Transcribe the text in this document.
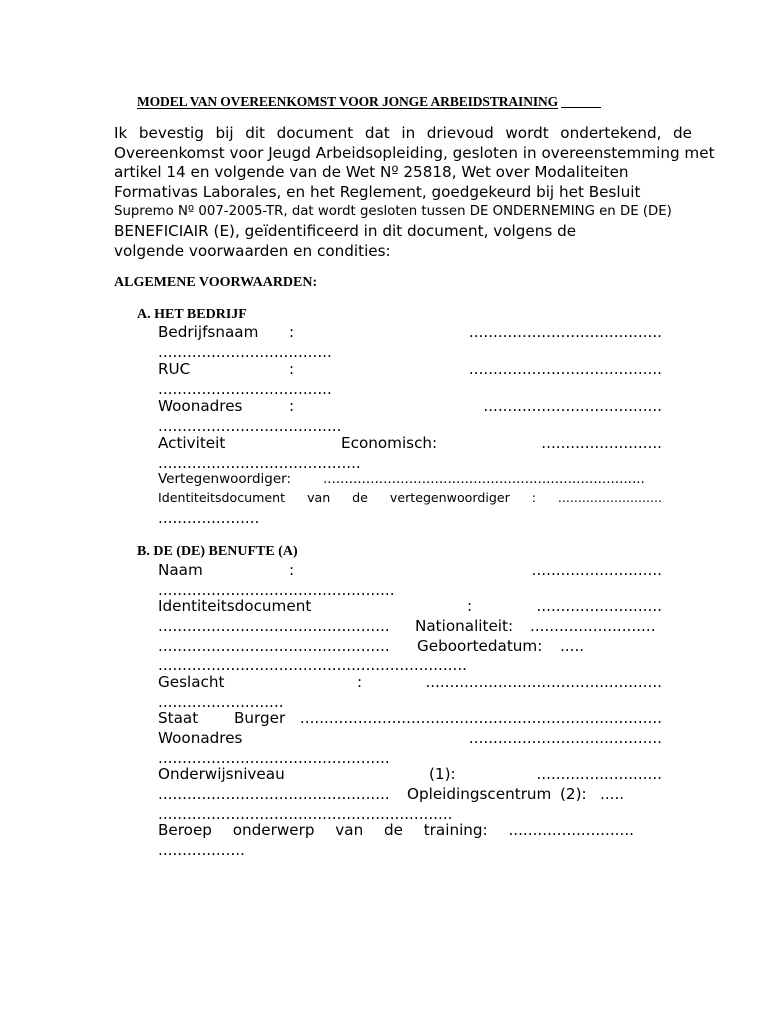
MODEL VAN OVEREENKOMST VOOR JONGE ARBEIDSTRAINING
Ik bevestig bij dit document dat in drievoud wordt ondertekend, de
Overeenkomst voor Jeugd Arbeidsopleiding, gesloten in overeenstemming met
artikel 14 en volgende van de Wet Nº 25818, Wet over Modaliteiten
Formativas Laborales, en het Reglement, goedgekeurd bij het Besluit
Supremo Nº 007-2005-TR, dat wordt gesloten tussen DE ONDERNEMING en DE (DE)
BENEFICIAIR (E), geïdentificeerd in dit document, volgens de
volgende voorwaarden en condities:
ALGEMENE VOORWAARDEN:
A. HET BEDRIJF
Bedrijfsnaam :	........................................
....................................
RUC	:	........................................
....................................
Woonadres	:	.....................................
......................................
Activiteit	Economisch:	.........................
..........................................
Vertegenwoordiger: ...........................................................................
Identiteitsdocument van de vertegenwoordiger : ..........................
.....................
B. DE (DE) BENUFTE (A)
Naam	:	...........................
.................................................
Identiteitsdocument	:	..........................
................................................ Nationaliteit: ..........................
................................................ Geboortedatum: .....
................................................................
Geslacht	:	.................................................
..........................
Staat Burger ...........................................................................
Woonadres	........................................
................................................
Onderwijsniveau	(1):	..........................
................................................ Opleidingscentrum (2): .....
.............................................................
Beroep onderwerp van de training: ..........................
..................
